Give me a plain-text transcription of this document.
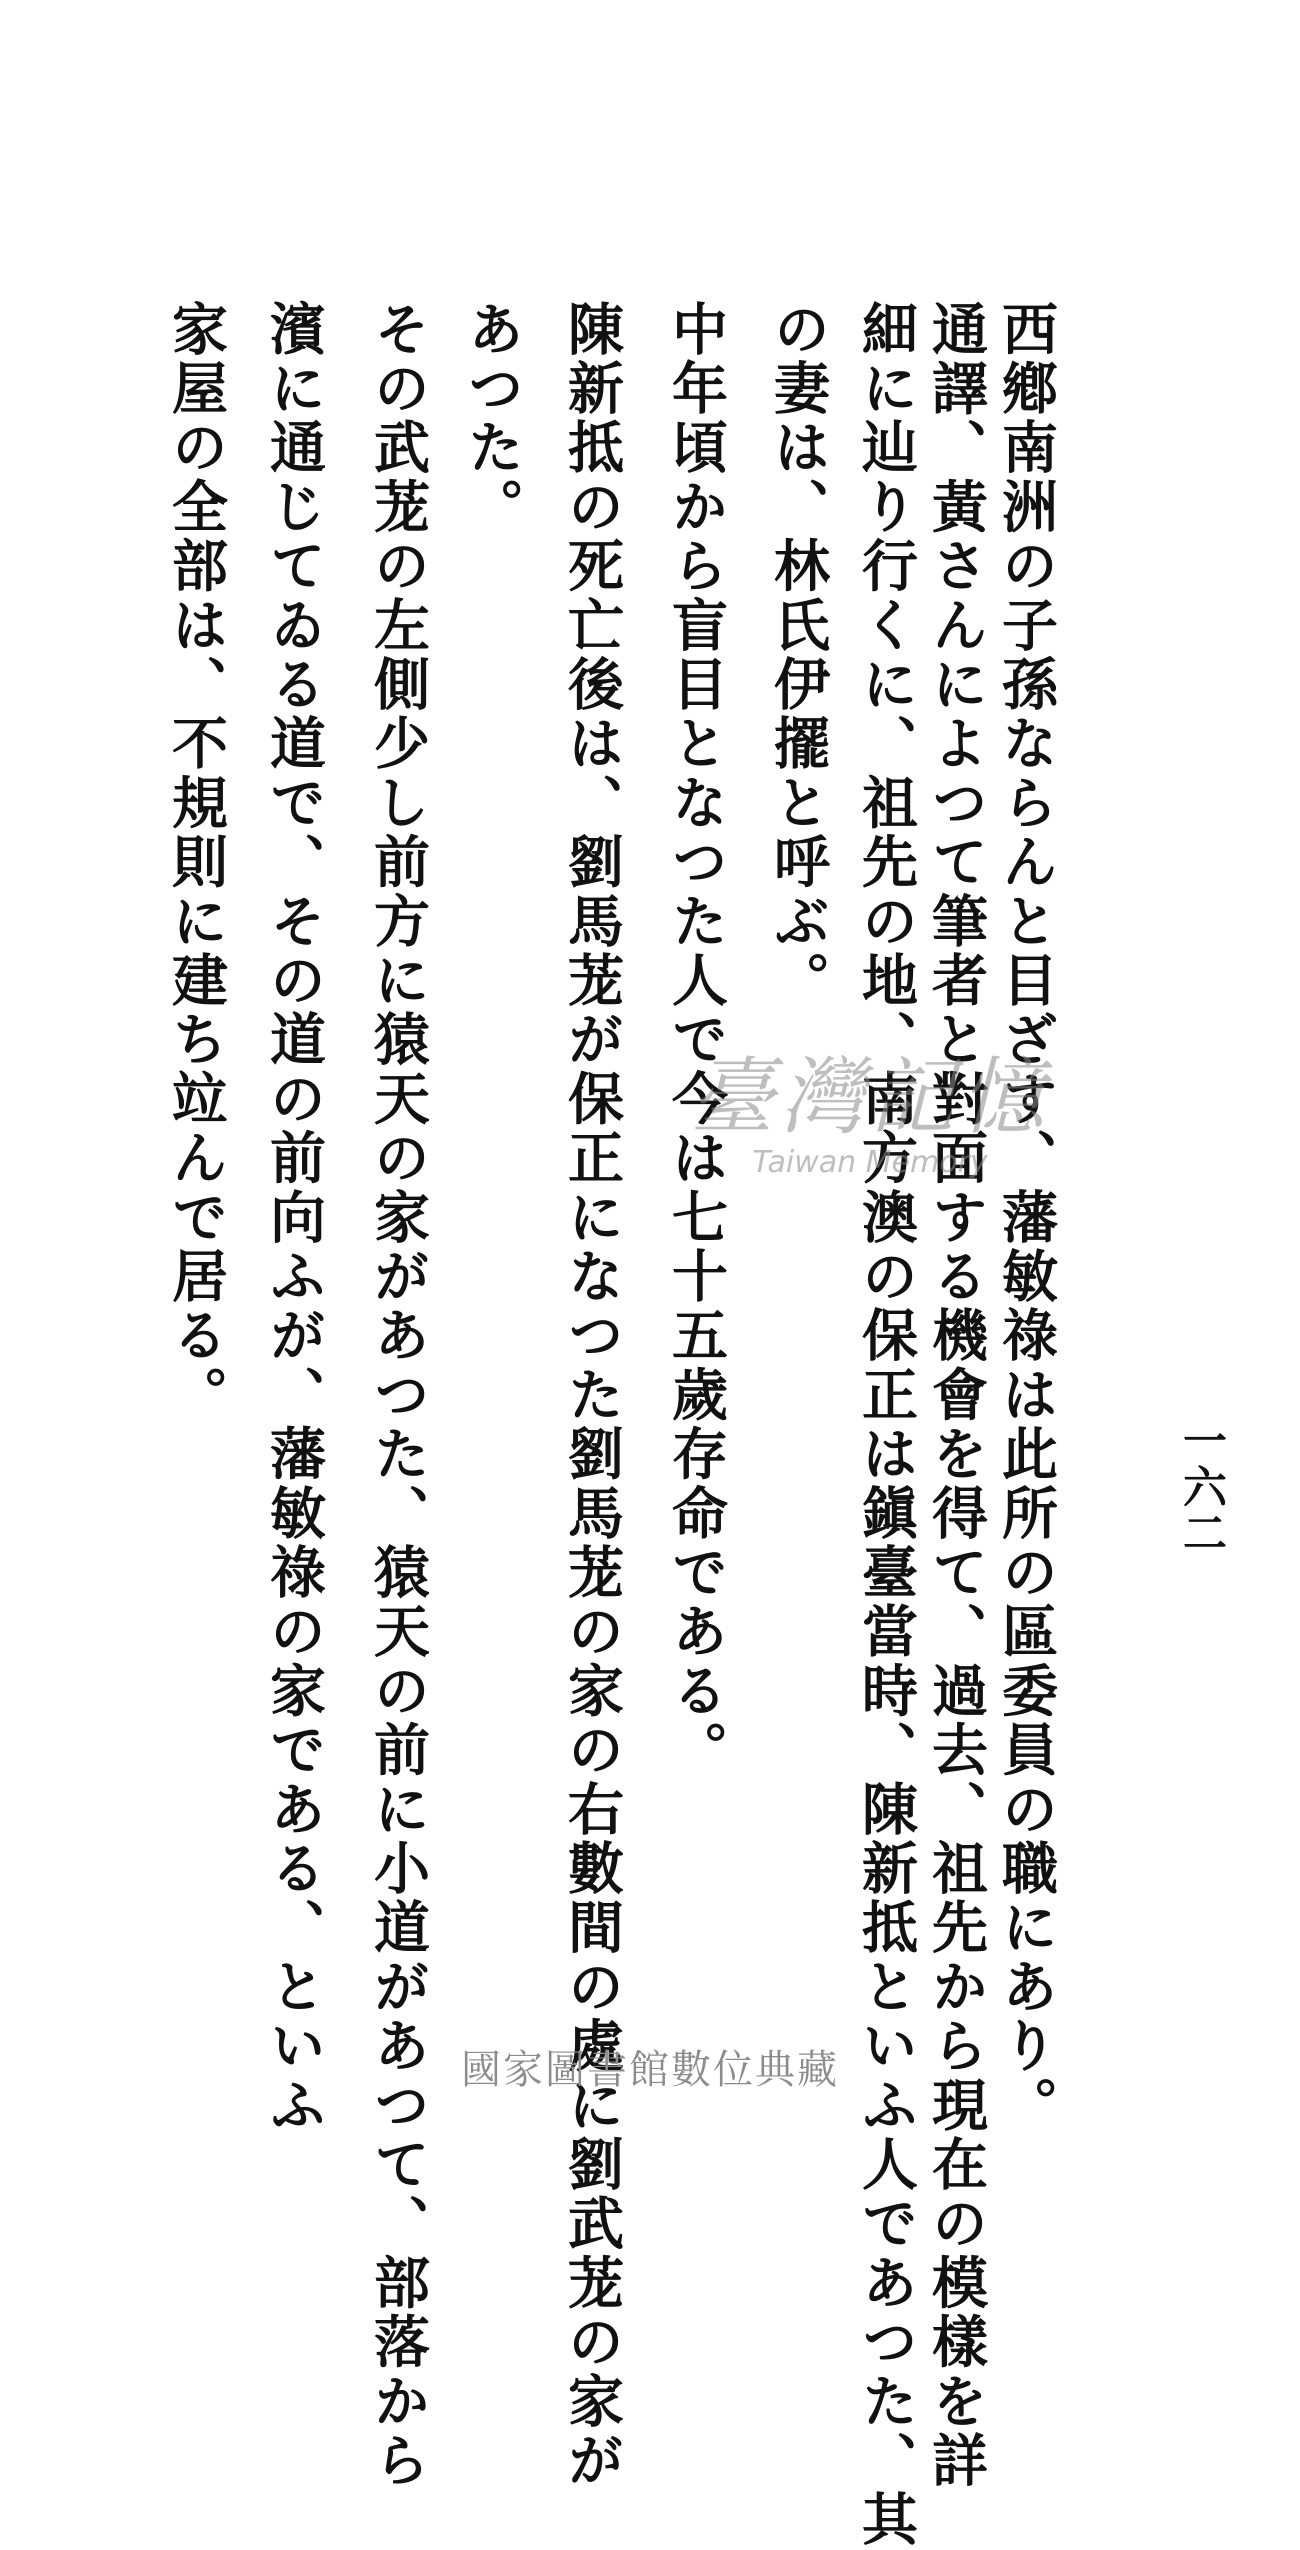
一六二
西鄕南洲の子孫ならんと目ざす、藩敏祿は此所の區委員の職にあり。
通譯、黃さんによつて筆者と對面する機會を得て、過去、祖先から現在の模樣を詳
細に辿り行くに、祖先の地、南方澳の保正は鎭臺當時、陳新抵といふ人であつた、其
の妻は、林氏伊擺と呼ぶ。
中年頃から盲目となつた人で今は七十五歲存命である。
陳新抵の死亡後は、劉馬茏が保正になつた劉馬茏の家の右數間の處に劉武茏の家が
あつた。
その武茏の左側少し前方に猿天の家があつた、猿天の前に小道があつて、部落から
濱に通じてゐる道で、その道の前向ふが、藩敏祿の家である、といふ
家屋の全部は、不規則に建ち竝んで居る。	臺灣記憶
Taiwan Memory
國家圖書館數位典藏
